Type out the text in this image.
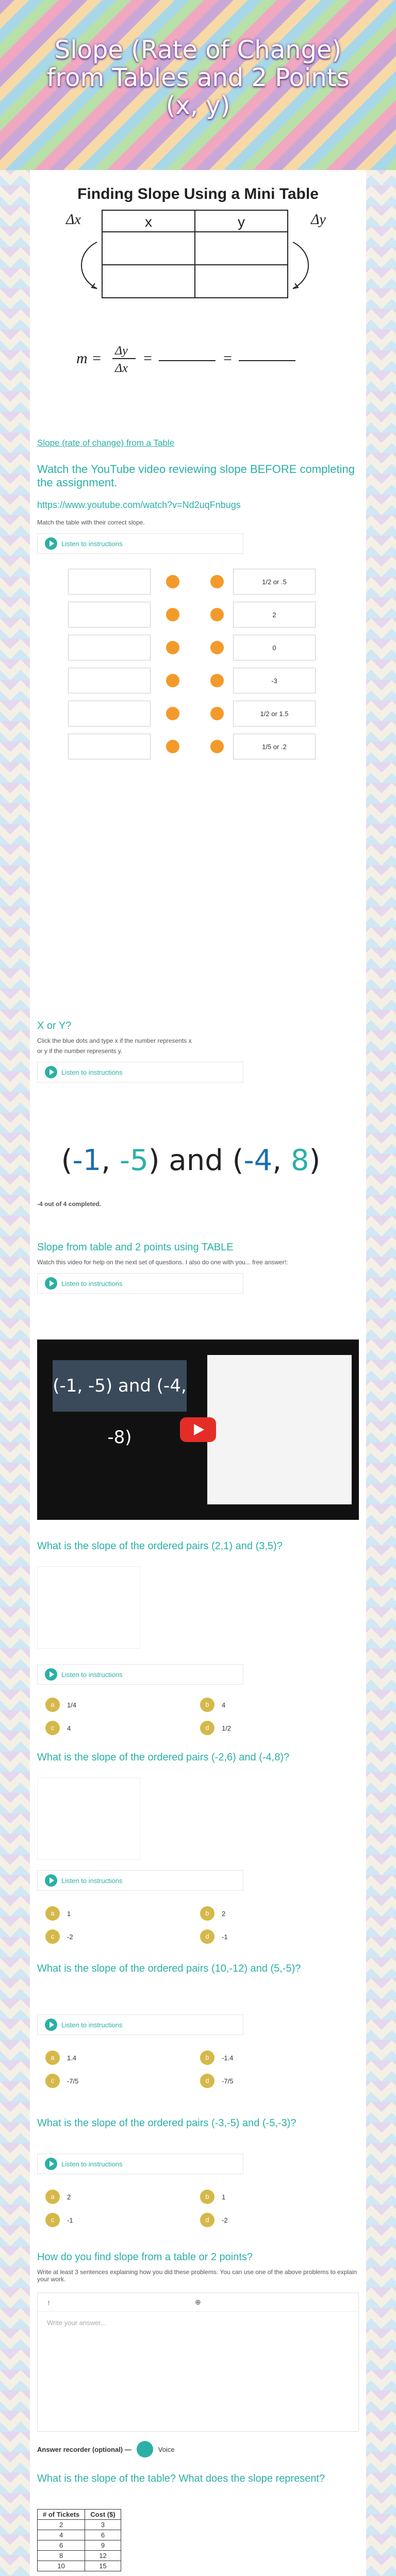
Slope (Rate of Change) from Tables and 2 Points (x, y)
Finding Slope Using a Mini Table
Δx	Δy
x	y
m = Δy
Δx
=	=
Slope (rate of change) from a Table
Watch the YouTube video reviewing slope BEFORE completing the assignment.
https://www.youtube.com/watch?v=Nd2uqFnbugs
Match the table with their correct slope.
Listen to instructions
1/2 or .5
2
0
-3
1/2 or 1.5
1/5 or .2
X or Y?
Click the blue dots and type x if the number represents x
or y if the number represents y.
Listen to instructions
(-1, -5) and (-4, 8)
-4 out of 4 completed.
Slope from table and 2 points using TABLE
Watch this video for help on the next set of questions. I also do one with you... free answer!:
Listen to instructions
(-1, -5) and (-4, -8)
What is the slope of the ordered pairs (2,1) and (3,5)?
Listen to instructions
a	1/4	b	4
c	4	d	1/2
What is the slope of the ordered pairs (-2,6) and (-4,8)?
Listen to instructions
a	1	b	2
c	-2	d	-1
What is the slope of the ordered pairs (10,-12) and (5,-5)?
Listen to instructions
a	1.4	b	-1.4
c	-7/5	d	-7/5
What is the slope of the ordered pairs (-3,-5) and (-5,-3)?
Listen to instructions
a	2	b	1
c	-1	d	-2
How do you find slope from a table or 2 points?
Write at least 3 sentences explaining how you did these problems. You can use one of the above problems to explain your work.
↑	⊕
Write your answer...
Answer recorder (optional) —	Voice
What is the slope of the table? What does the slope represent?
# of Tickets	Cost ($)
2	3
4	6
6	9
8	12
10	15
